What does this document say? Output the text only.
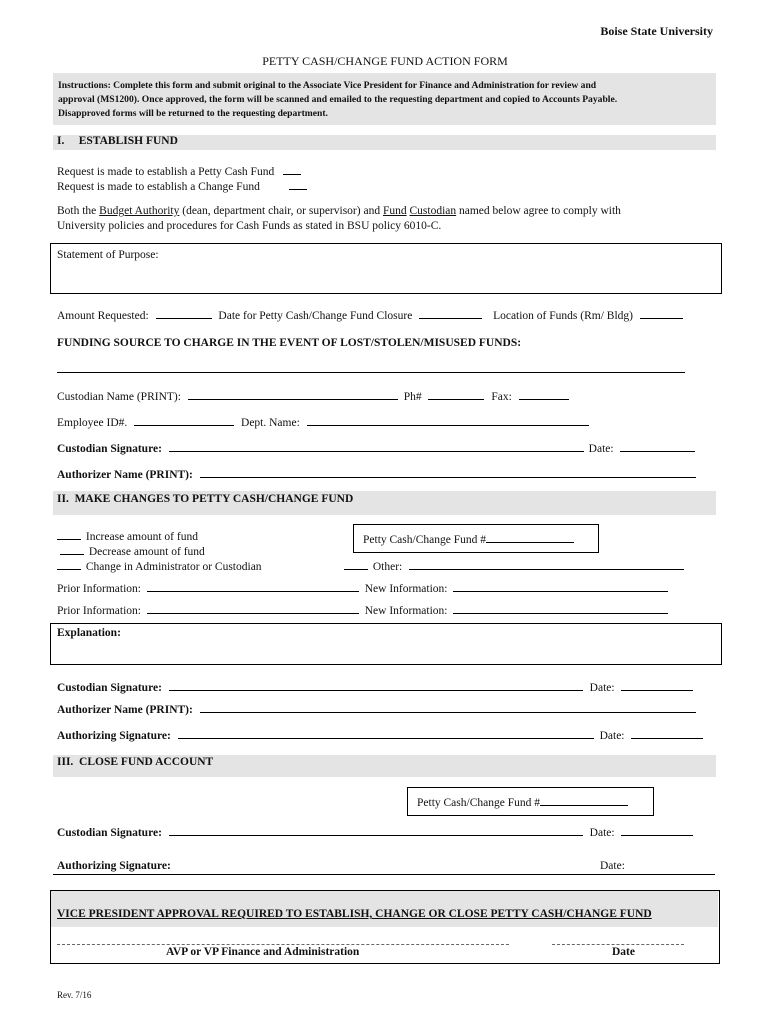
Boise State University
PETTY CASH/CHANGE FUND ACTION FORM
Instructions: Complete this form and submit original to the Associate Vice President for Finance and Administration for review and
approval (MS1200). Once approved, the form will be scanned and emailed to the requesting department and copied to Accounts Payable.
Disapproved forms will be returned to the requesting department.
I.     ESTABLISH FUND
Request is made to establish a Petty Cash Fund
Request is made to establish a Change Fund
Both the Budget Authority (dean, department chair, or supervisor) and Fund Custodian named below agree to comply with
University policies and procedures for Cash Funds as stated in BSU policy 6010-C.
Statement of Purpose:
Amount Requested:	Date for Petty Cash/Change Fund Closure	Location of Funds (Rm/ Bldg)
FUNDING SOURCE TO CHARGE IN THE EVENT OF LOST/STOLEN/MISUSED FUNDS:
Custodian Name (PRINT):	Ph#	Fax:
Employee ID#.	Dept. Name:
Custodian Signature:	Date:
Authorizer Name (PRINT):
II.  MAKE CHANGES TO PETTY CASH/CHANGE FUND
Increase amount of fund
Decrease amount of fund
Change in Administrator or Custodian
Petty Cash/Change Fund #
Other:
Prior Information:	New Information:
Prior Information:	New Information:
Explanation:
Custodian Signature:	Date:
Authorizer Name (PRINT):
Authorizing Signature:	Date:
III.  CLOSE FUND ACCOUNT
Petty Cash/Change Fund #
Custodian Signature:	Date:
Authorizing Signature:	Date:
VICE PRESIDENT APPROVAL REQUIRED TO ESTABLISH, CHANGE OR CLOSE PETTY CASH/CHANGE FUND

AVP or VP Finance and Administration	Date
Rev. 7/16
